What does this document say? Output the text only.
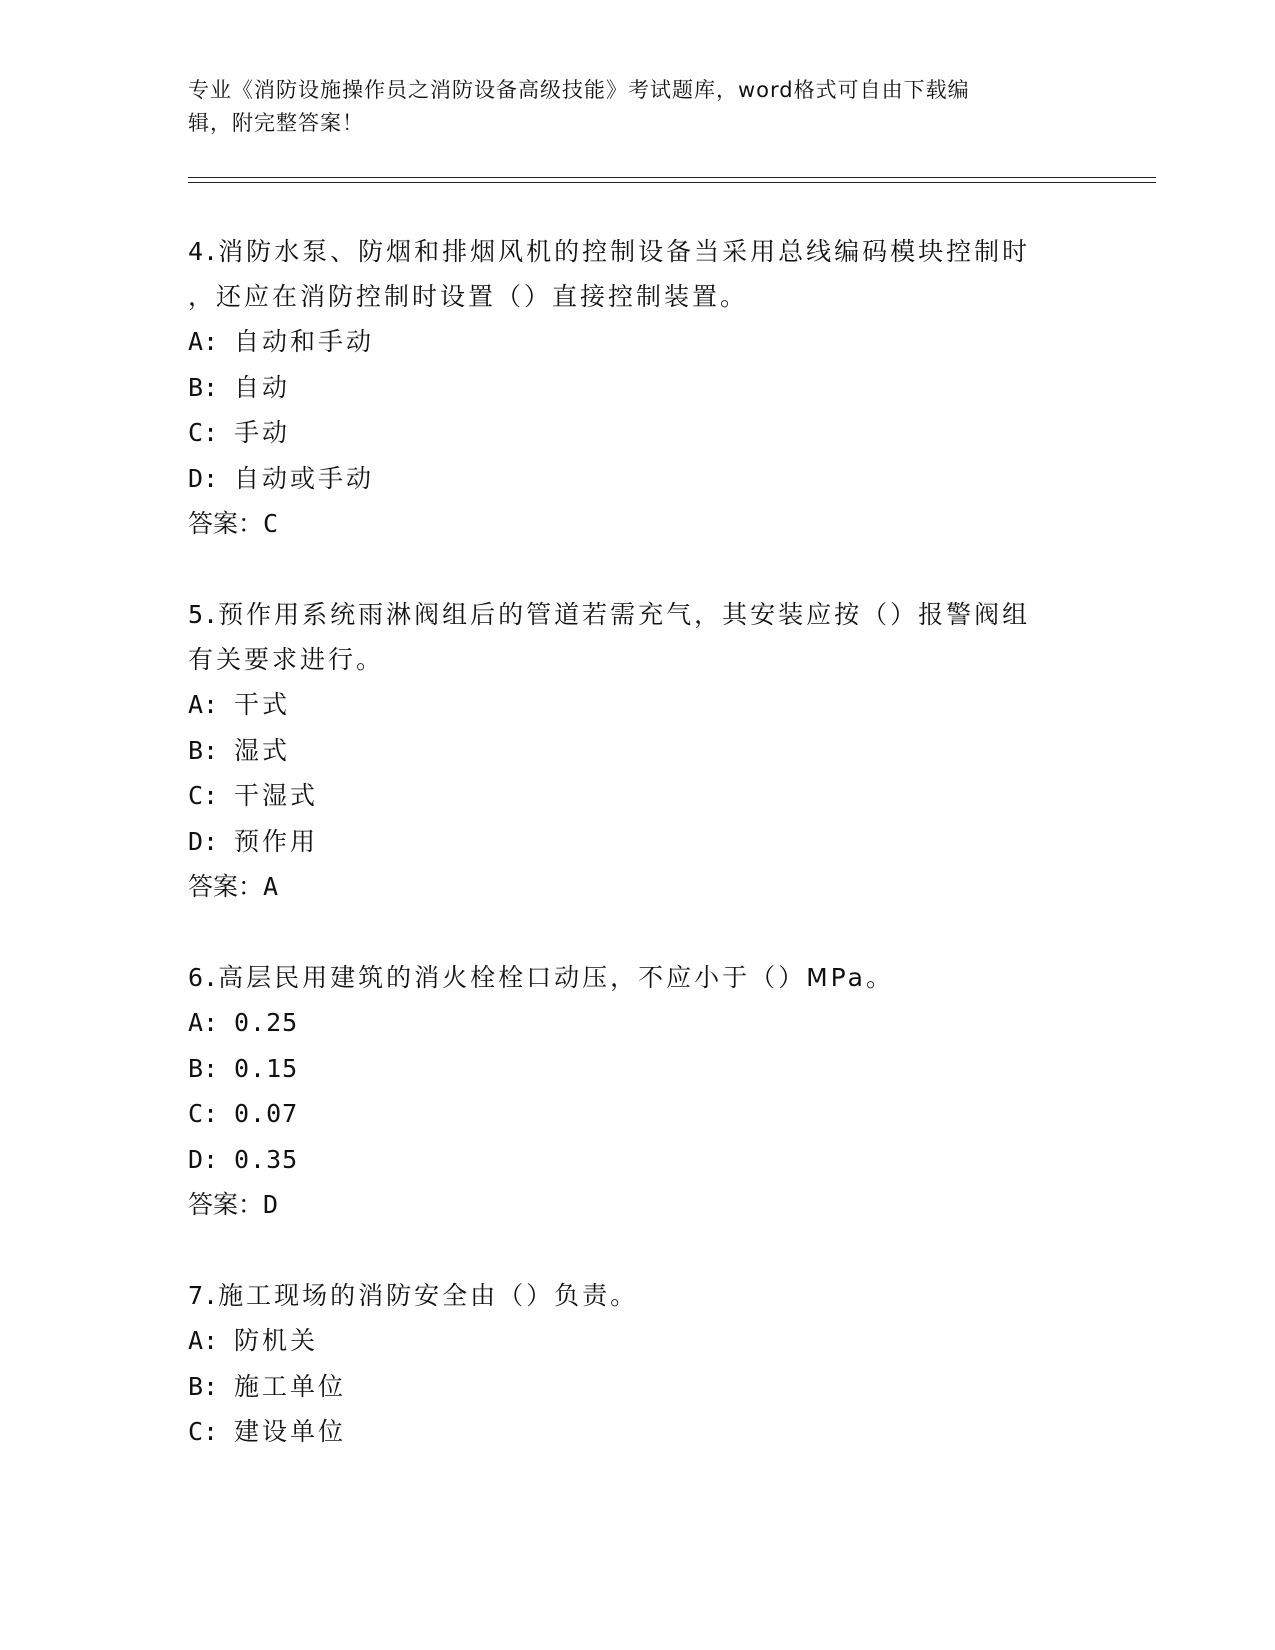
专业《消防设施操作员之消防设备高级技能》考试题库，word格式可自由下载编
辑，附完整答案！
4.消防水泵、防烟和排烟风机的控制设备当采用总线编码模块控制时
，还应在消防控制时设置（）直接控制装置。
A: 自动和手动
B: 自动
C: 手动
D: 自动或手动
答案：C
5.预作用系统雨淋阀组后的管道若需充气，其安装应按（）报警阀组
有关要求进行。
A: 干式
B: 湿式
C: 干湿式
D: 预作用
答案：A
6.高层民用建筑的消火栓栓口动压，不应小于（）MPa。
A: 0.25
B: 0.15
C: 0.07
D: 0.35
答案：D
7.施工现场的消防安全由（）负责。
A: 防机关
B: 施工单位
C: 建设单位
